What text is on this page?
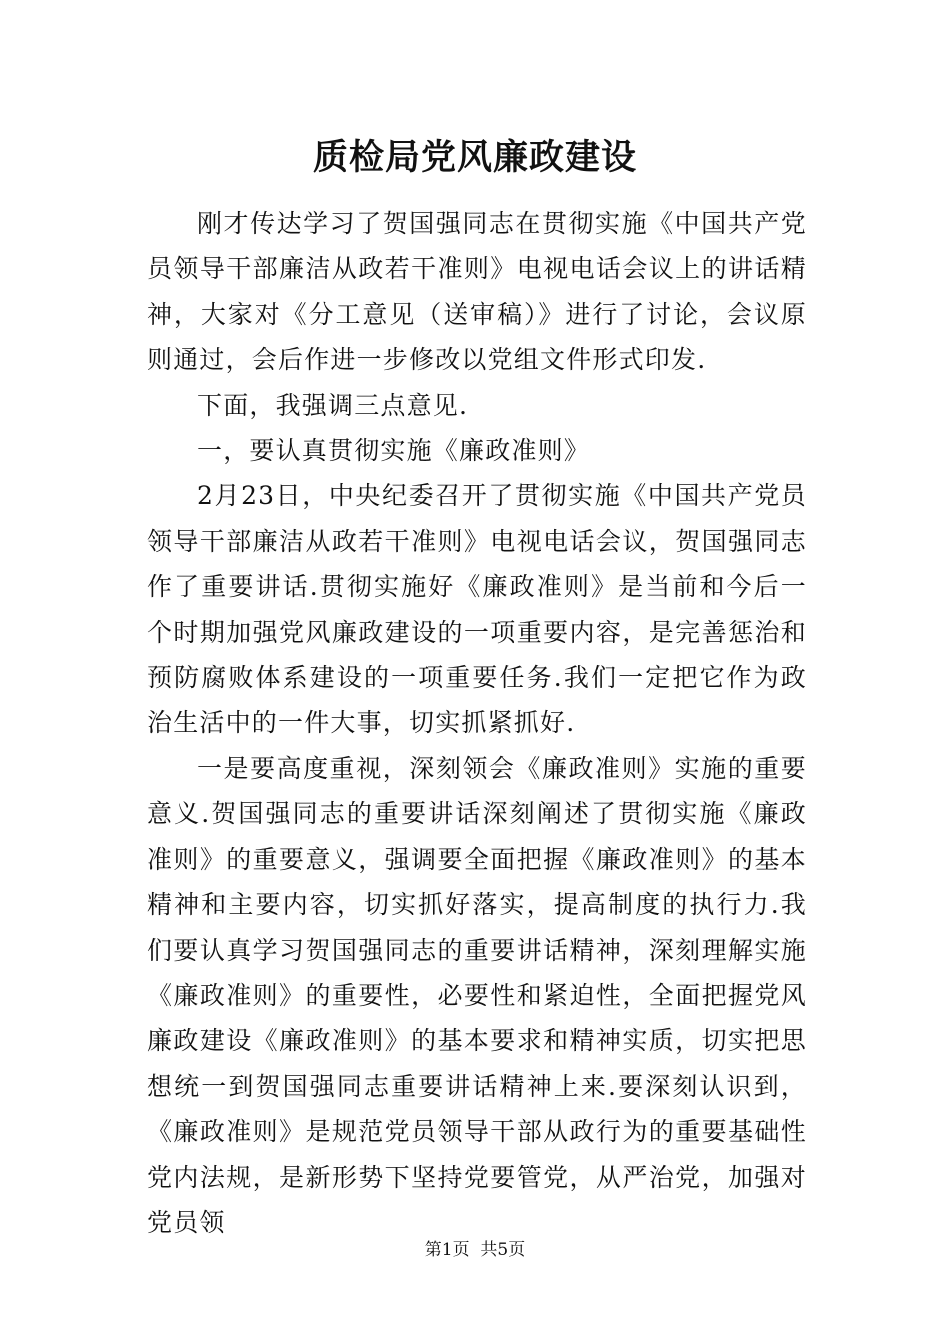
质检局党风廉政建设

刚才传达学习了贺国强同志在贯彻实施《中国共产党员领导干部廉洁从政若干准则》电视电话会议上的讲话精神，大家对《分工意见（送审稿）》进行了讨论，会议原则通过，会后作进一步修改以党组文件形式印发.

下面，我强调三点意见.

一，要认真贯彻实施《廉政准则》

2月23日，中央纪委召开了贯彻实施《中国共产党员领导干部廉洁从政若干准则》电视电话会议，贺国强同志作了重要讲话.贯彻实施好《廉政准则》是当前和今后一个时期加强党风廉政建设的一项重要内容，是完善惩治和预防腐败体系建设的一项重要任务.我们一定把它作为政治生活中的一件大事，切实抓紧抓好.

一是要高度重视，深刻领会《廉政准则》实施的重要意义.贺国强同志的重要讲话深刻阐述了贯彻实施《廉政准则》的重要意义，强调要全面把握《廉政准则》的基本精神和主要内容，切实抓好落实，提高制度的执行力.我们要认真学习贺国强同志的重要讲话精神，深刻理解实施《廉政准则》的重要性，必要性和紧迫性，全面把握党风廉政建设《廉政准则》的基本要求和精神实质，切实把思想统一到贺国强同志重要讲话精神上来.要深刻认识到，《廉政准则》是规范党员领导干部从政行为的重要基础性党内法规，是新形势下坚持党要管党，从严治党，加强对党员领

第1页  共5页
